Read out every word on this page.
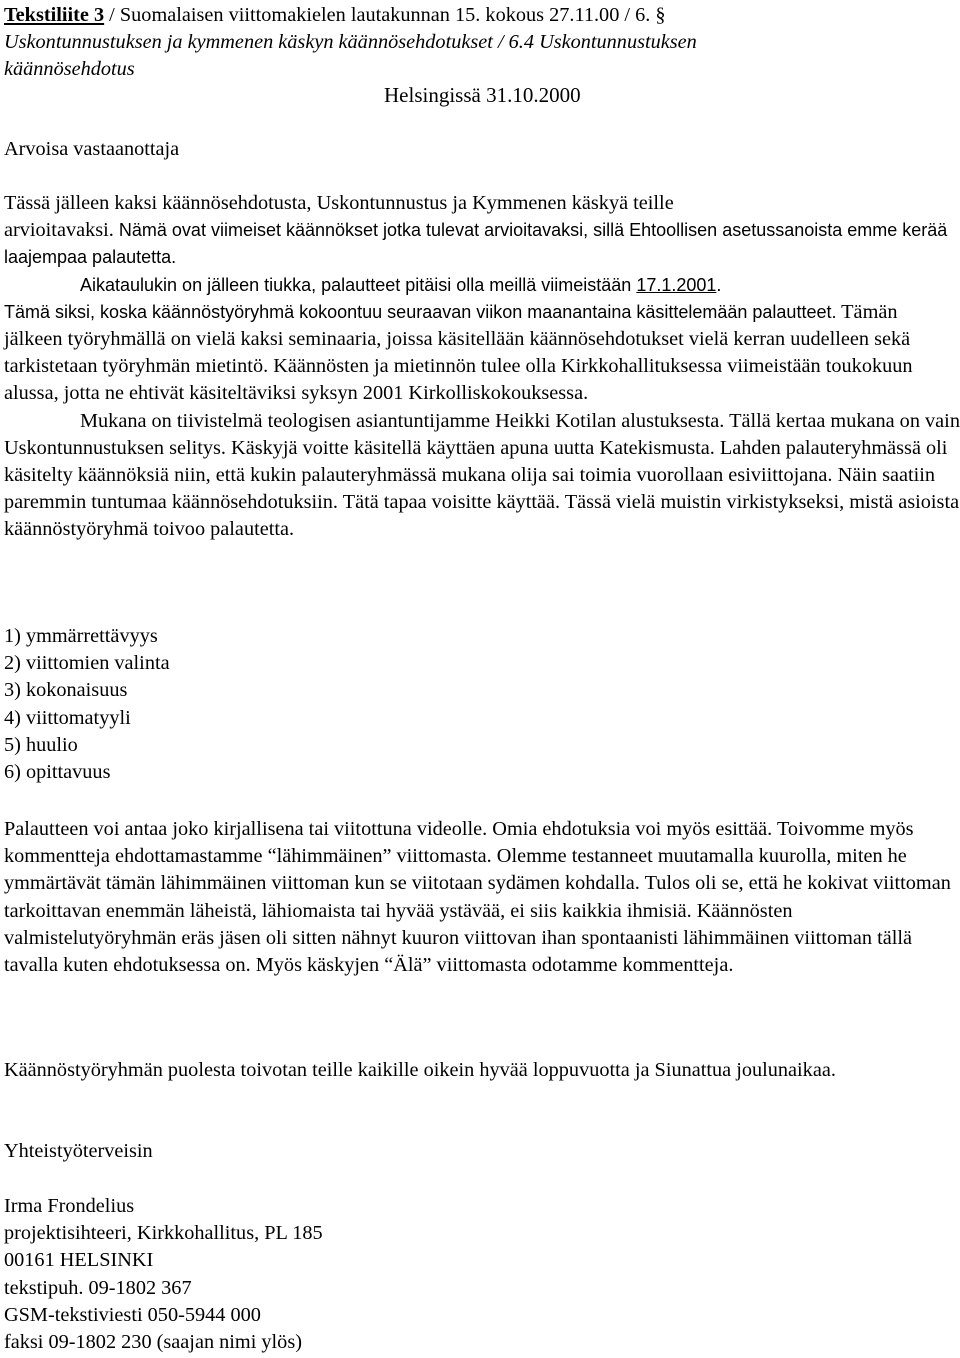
Tekstiliite 3 / Suomalaisen viittomakielen lautakunnan 15. kokous 27.11.00 / 6. §
Uskontunnustuksen ja kymmenen käskyn käännösehdotukset / 6.4 Uskontunnustuksen
käännösehdotus
Helsingissä 31.10.2000
Arvoisa vastaanottaja

Tässä jälleen kaksi käännösehdotusta, Uskontunnustus ja Kymmenen käskyä teille
arvioitavaksi. Nämä ovat viimeiset käännökset jotka tulevat arvioitavaksi, sillä Ehtoollisen asetussanoista emme kerää laajempaa palautetta.

Aikataulukin on jälleen tiukka, palautteet pitäisi olla meillä viimeistään 17.1.2001.

Tämä siksi, koska käännöstyöryhmä kokoontuu seuraavan viikon maanantaina käsittelemään palautteet. Tämän jälkeen työryhmällä on vielä kaksi seminaaria, joissa käsitellään käännösehdotukset vielä kerran uudelleen sekä tarkistetaan työryhmän mietintö. Käännösten ja mietinnön tulee olla Kirkkohallituksessa viimeistään toukokuun alussa, jotta ne ehtivät käsiteltäviksi syksyn 2001 Kirkolliskokouksessa.

Mukana on tiivistelmä teologisen asiantuntijamme Heikki Kotilan alustuksesta. Tällä kertaa mukana on vain Uskontunnustuksen selitys. Käskyjä voitte käsitellä käyttäen apuna uutta Katekismusta. Lahden palauteryhmässä oli käsitelty käännöksiä niin, että kukin palauteryhmässä mukana olija sai toimia vuorollaan esiviittojana. Näin saatiin paremmin tuntumaa käännösehdotuksiin. Tätä tapaa voisitte käyttää. Tässä vielä muistin virkistykseksi, mistä asioista käännöstyöryhmä toivoo palautetta.

1) ymmärrettävyys
2) viittomien valinta
3) kokonaisuus
4) viittomatyyli
5) huulio
6) opittavuus
Palautteen voi antaa joko kirjallisena tai viitottuna videolle. Omia ehdotuksia voi myös esittää. Toivomme myös kommentteja ehdottamastamme “lähimmäinen” viittomasta. Olemme testanneet muutamalla kuurolla, miten he ymmärtävät tämän lähimmäinen viittoman kun se viitotaan sydämen kohdalla. Tulos oli se, että he kokivat viittoman tarkoittavan enemmän läheistä, lähiomaista tai hyvää ystävää, ei siis kaikkia ihmisiä. Käännösten valmistelutyöryhmän eräs jäsen oli sitten nähnyt kuuron viittovan ihan spontaanisti lähimmäinen viittoman tällä tavalla kuten ehdotuksessa on. Myös käskyjen “Älä” viittomasta odotamme kommentteja.
Käännöstyöryhmän puolesta toivotan teille kaikille oikein hyvää loppuvuotta ja Siunattua joulunaikaa.
Yhteistyöterveisin
Irma Frondelius
projektisihteeri, Kirkkohallitus, PL 185
00161 HELSINKI
tekstipuh. 09-1802 367
GSM-tekstiviesti 050-5944 000
faksi 09-1802 230 (saajan nimi ylös)
